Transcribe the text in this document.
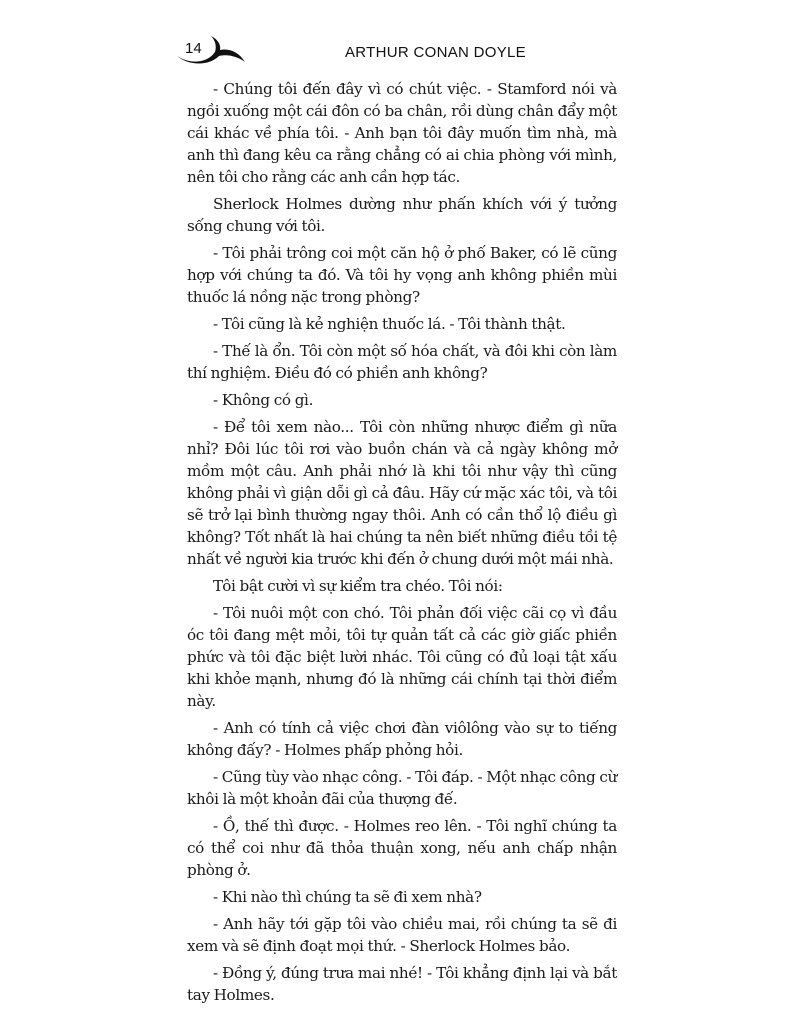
14	ARTHUR CONAN DOYLE

- Chúng tôi đến đây vì có chút việc. - Stamford nói và ngồi xuống một cái đôn có ba chân, rồi dùng chân đẩy một cái khác về phía tôi. - Anh bạn tôi đây muốn tìm nhà, mà anh thì đang kêu ca rằng chẳng có ai chia phòng với mình, nên tôi cho rằng các anh cần hợp tác.

Sherlock Holmes dường như phấn khích với ý tưởng sống chung với tôi.

- Tôi phải trông coi một căn hộ ở phố Baker, có lẽ cũng hợp với chúng ta đó. Và tôi hy vọng anh không phiền mùi thuốc lá nồng nặc trong phòng?

- Tôi cũng là kẻ nghiện thuốc lá. - Tôi thành thật.

- Thế là ổn. Tôi còn một số hóa chất, và đôi khi còn làm thí nghiệm. Điều đó có phiền anh không?

- Không có gì.

- Để tôi xem nào... Tôi còn những nhược điểm gì nữa nhỉ? Đôi lúc tôi rơi vào buồn chán và cả ngày không mở mồm một câu. Anh phải nhớ là khi tôi như vậy thì cũng không phải vì giận dỗi gì cả đâu. Hãy cứ mặc xác tôi, và tôi sẽ trở lại bình thường ngay thôi. Anh có cần thổ lộ điều gì không? Tốt nhất là hai chúng ta nên biết những điều tồi tệ nhất về người kia trước khi đến ở chung dưới một mái nhà.

Tôi bật cười vì sự kiểm tra chéo. Tôi nói:

- Tôi nuôi một con chó. Tôi phản đối việc cãi cọ vì đầu óc tôi đang mệt mỏi, tôi tự quản tất cả các giờ giấc phiền phức và tôi đặc biệt lười nhác. Tôi cũng có đủ loại tật xấu khi khỏe mạnh, nhưng đó là những cái chính tại thời điểm này.

- Anh có tính cả việc chơi đàn viôlông vào sự to tiếng không đấy? - Holmes phấp phỏng hỏi.

- Cũng tùy vào nhạc công. - Tôi đáp. - Một nhạc công cừ khôi là một khoản đãi của thượng đế.

- Ồ, thế thì được. - Holmes reo lên. - Tôi nghĩ chúng ta có thể coi như đã thỏa thuận xong, nếu anh chấp nhận phòng ở.

- Khi nào thì chúng ta sẽ đi xem nhà?

- Anh hãy tới gặp tôi vào chiều mai, rồi chúng ta sẽ đi xem và sẽ định đoạt mọi thứ. - Sherlock Holmes bảo.

- Đồng ý, đúng trưa mai nhé! - Tôi khẳng định lại và bắt tay Holmes.
